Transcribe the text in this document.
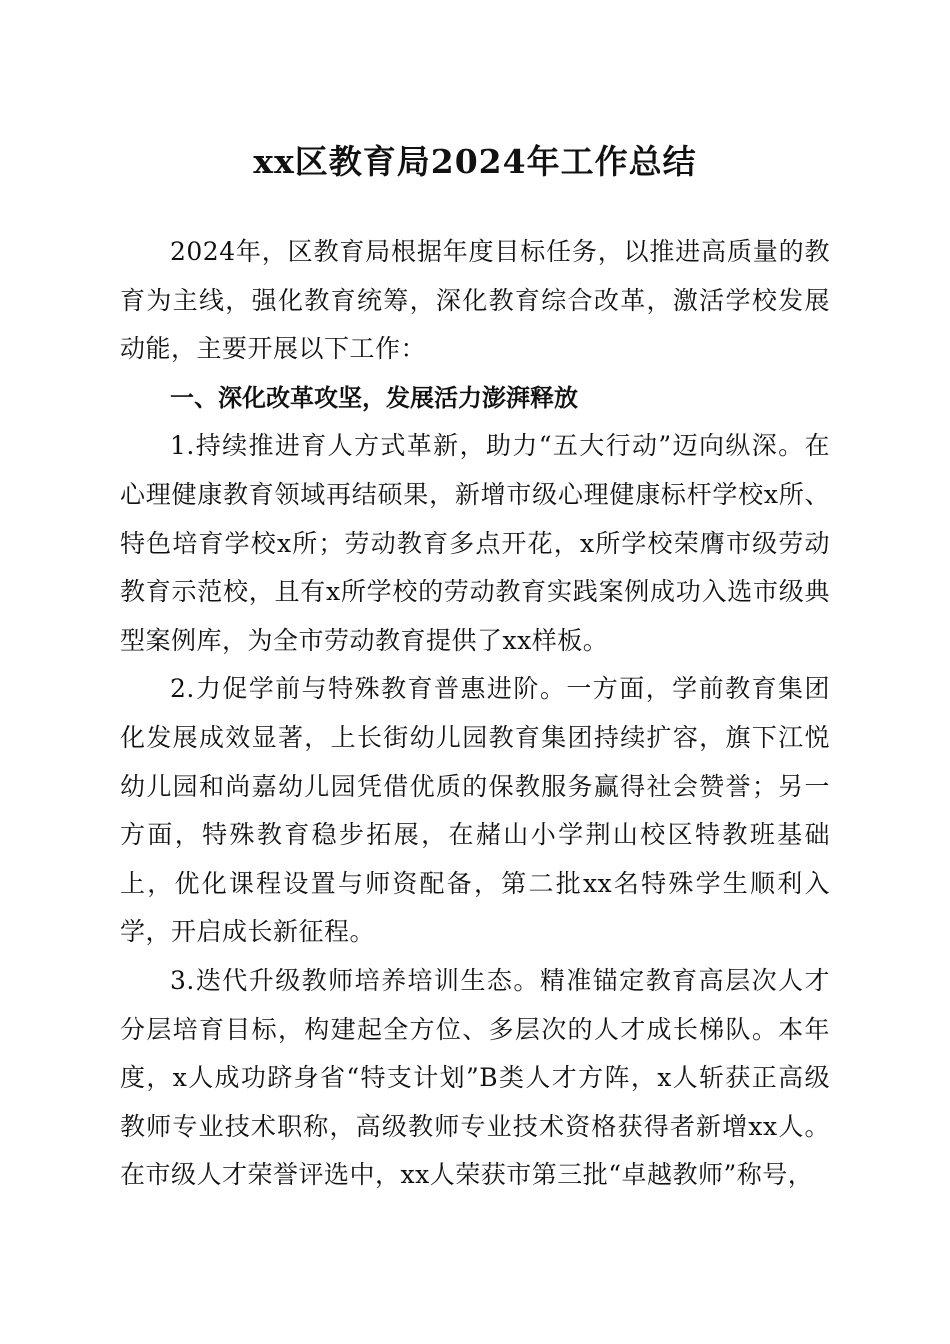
xx区教育局2024年工作总结

2024年，区教育局根据年度目标任务，以推进高质量的教育为主线，强化教育统筹，深化教育综合改革，激活学校发展动能，主要开展以下工作：

一、深化改革攻坚，发展活力澎湃释放

1.持续推进育人方式革新，助力“五大行动”迈向纵深。在心理健康教育领域再结硕果，新增市级心理健康标杆学校x所、特色培育学校x所；劳动教育多点开花，x所学校荣膺市级劳动教育示范校，且有x所学校的劳动教育实践案例成功入选市级典型案例库，为全市劳动教育提供了xx样板。

2.力促学前与特殊教育普惠进阶。一方面，学前教育集团化发展成效显著，上长街幼儿园教育集团持续扩容，旗下江悦幼儿园和尚嘉幼儿园凭借优质的保教服务赢得社会赞誉；另一方面，特殊教育稳步拓展，在赭山小学荆山校区特教班基础上，优化课程设置与师资配备，第二批xx名特殊学生顺利入学，开启成长新征程。

3.迭代升级教师培养培训生态。精准锚定教育高层次人才分层培育目标，构建起全方位、多层次的人才成长梯队。本年度，x人成功跻身省“特支计划”B类人才方阵，x人斩获正高级教师专业技术职称，高级教师专业技术资格获得者新增xx人。在市级人才荣誉评选中，xx人荣获市第三批“卓越教师”称号，
